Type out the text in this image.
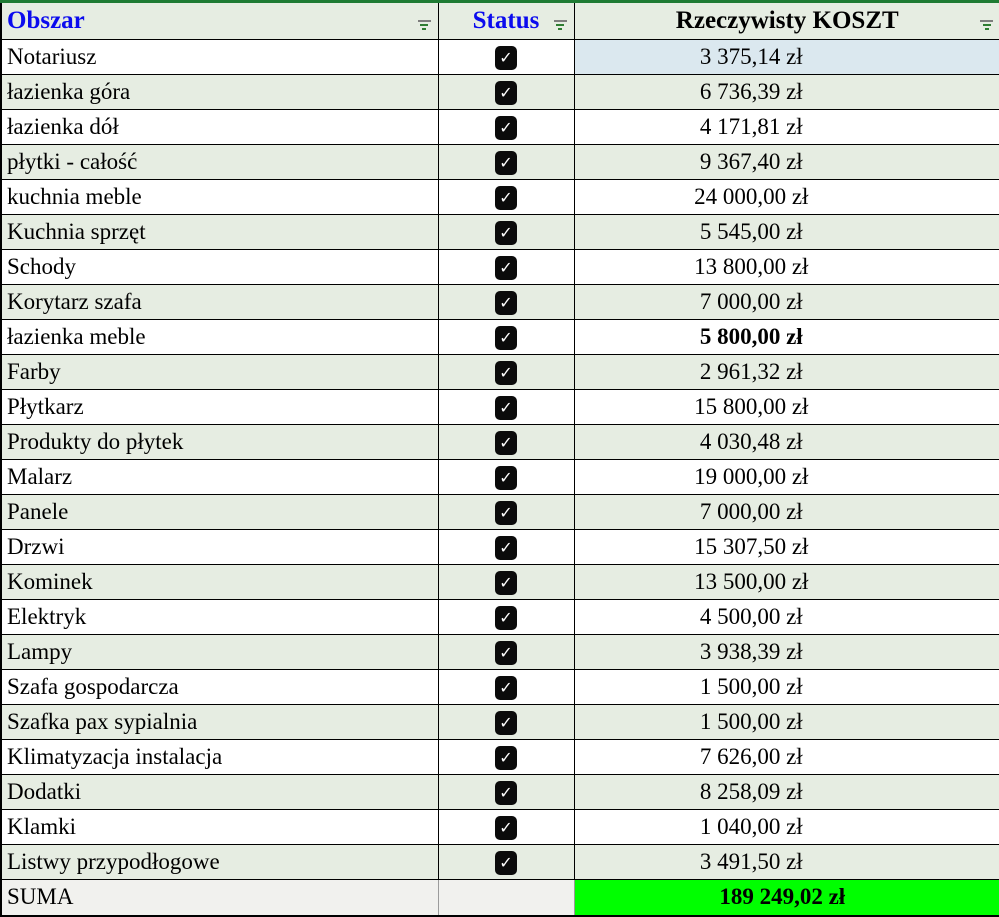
Obszar	Status	Rzeczywisty KOSZT

Notariusz	✓	3 375,14 zł
łazienka góra	✓	6 736,39 zł
łazienka dół	✓	4 171,81 zł
płytki - całość	✓	9 367,40 zł
kuchnia meble	✓	24 000,00 zł
Kuchnia sprzęt	✓	5 545,00 zł
Schody	✓	13 800,00 zł
Korytarz szafa	✓	7 000,00 zł
łazienka meble	✓	5 800,00 zł
Farby	✓	2 961,32 zł
Płytkarz	✓	15 800,00 zł
Produkty do płytek	✓	4 030,48 zł
Malarz	✓	19 000,00 zł
Panele	✓	7 000,00 zł
Drzwi	✓	15 307,50 zł
Kominek	✓	13 500,00 zł
Elektryk	✓	4 500,00 zł
Lampy	✓	3 938,39 zł
Szafa gospodarcza	✓	1 500,00 zł
Szafka pax sypialnia	✓	1 500,00 zł
Klimatyzacja instalacja	✓	7 626,00 zł
Dodatki	✓	8 258,09 zł
Klamki	✓	1 040,00 zł
Listwy przypodłogowe	✓	3 491,50 zł
SUMA		189 249,02 zł
